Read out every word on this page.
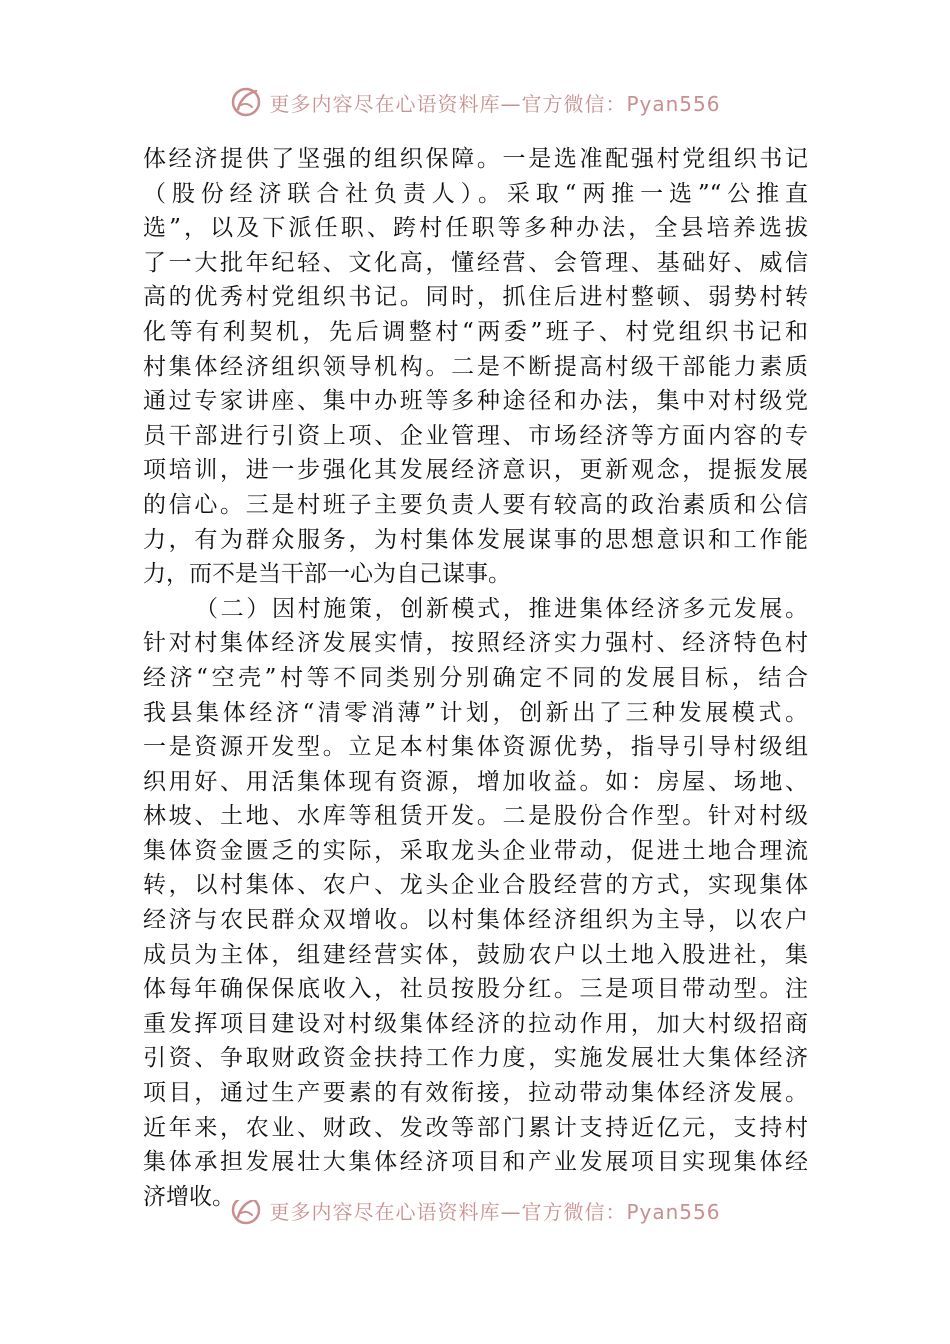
更多内容尽在心语资料库—官方微信：Pyan556
体经济提供了坚强的组织保障。一是选准配强村党组织书记
（股份经济联合社负责人）。采取“两推一选”“公推直
选”，以及下派任职、跨村任职等多种办法，全县培养选拔
了一大批年纪轻、文化高，懂经营、会管理、基础好、威信
高的优秀村党组织书记。同时，抓住后进村整顿、弱势村转
化等有利契机，先后调整村“两委”班子、村党组织书记和
村集体经济组织领导机构。二是不断提高村级干部能力素质
通过专家讲座、集中办班等多种途径和办法，集中对村级党
员干部进行引资上项、企业管理、市场经济等方面内容的专
项培训，进一步强化其发展经济意识，更新观念，提振发展
的信心。三是村班子主要负责人要有较高的政治素质和公信
力，有为群众服务，为村集体发展谋事的思想意识和工作能
力，而不是当干部一心为自己谋事。
（二）因村施策，创新模式，推进集体经济多元发展。
针对村集体经济发展实情，按照经济实力强村、经济特色村
经济“空壳”村等不同类别分别确定不同的发展目标，结合
我县集体经济“清零消薄”计划，创新出了三种发展模式。
一是资源开发型。立足本村集体资源优势，指导引导村级组
织用好、用活集体现有资源，增加收益。如：房屋、场地、
林坡、土地、水库等租赁开发。二是股份合作型。针对村级
集体资金匮乏的实际，采取龙头企业带动，促进土地合理流
转，以村集体、农户、龙头企业合股经营的方式，实现集体
经济与农民群众双增收。以村集体经济组织为主导，以农户
成员为主体，组建经营实体，鼓励农户以土地入股进社，集
体每年确保保底收入，社员按股分红。三是项目带动型。注
重发挥项目建设对村级集体经济的拉动作用，加大村级招商
引资、争取财政资金扶持工作力度，实施发展壮大集体经济
项目，通过生产要素的有效衔接，拉动带动集体经济发展。
近年来，农业、财政、发改等部门累计支持近亿元，支持村
集体承担发展壮大集体经济项目和产业发展项目实现集体经
济增收。
更多内容尽在心语资料库—官方微信：Pyan556
